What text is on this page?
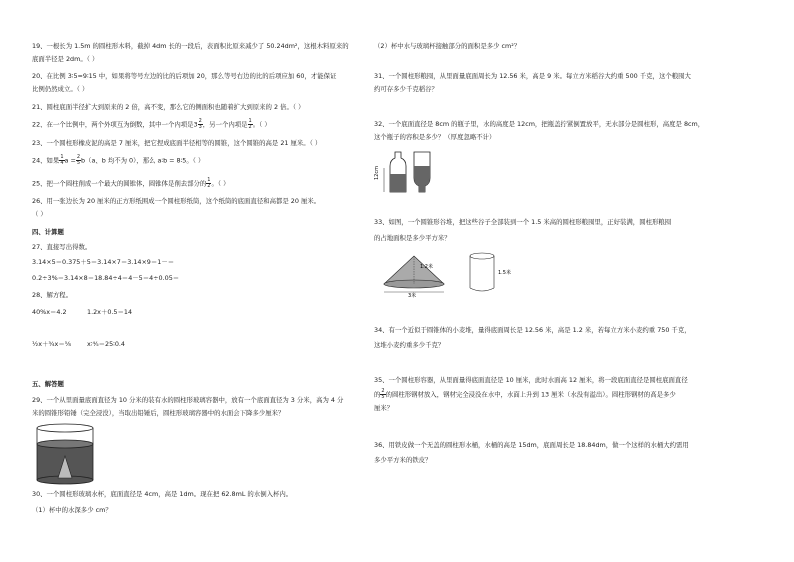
19、一根长为 1.5m 的圆柱形木料，截掉 4dm 长的一段后，表面积比原来减少了 50.24dm²，这根木料原来的
底面半径是 2dm。（ ）
20、在比例 3∶5=9∶15 中，如果将等号左边的比的后项加 20，那么等号右边的比的后项应加 60，才能保证
比例仍然成立。（ ）
21、圆柱底面半径扩大到原来的 2 倍，高不变，那么它的侧面积也随着扩大到原来的 2 倍。（ ）
22、在一个比例中，两个外项互为倒数，其中一个内项是$3 \frac{2}{3}$ ，另一个内项是 $\frac{1}{2}$ 。（ ）
23、一个圆柱形橡皮泥的高是 7 厘米，把它捏成底面半径相等的圆锥，这个圆锥的高是 21 厘米。（ ）
24、如果 $\frac{1}{4}$ $a = \frac{2}{5} b(a$、b 均不为 0），那么 a∶b = 8∶5。（ ）
25、把一个圆柱削成一个最大的圆锥体，圆锥体是削去部分的 $\frac{1}{2}$ 。（ ）
26、用一张边长为 20 厘米的正方形纸围成一个圆柱形纸筒，这个纸筒的底面直径和高都是 20 厘米。
（ ）
四、计算题
27、直接写出得数。
3.14×5＝0.375＋5＝3.14×7＝3.14×9＝1－＝
0.2÷3%＝3.14×8＝18.84÷4＝4－5＝4÷0.05＝
28、解方程。
40%x＝4.2	1.2x＋0.5＝14
½x＋¾x＝⅝	x∶⅘＝25∶0.4
五、解答题
29、一个从里面量底面直径为 10 分米的装有水的圆柱形玻璃容器中，放有一个底面直径为 3 分米，高为 4 分
米的圆锥形铅锤（完全浸没），当取出铅锤后，圆柱形玻璃容器中的水面会下降多少厘米？
30、一个圆柱形玻璃水杯，底面直径是 4cm，高是 1dm。现在把 62.8mL 的水倒入杯内。
（1）杯中的水深多少 cm？
（2）杯中水与玻璃杯接触部分的面积是多少 cm²？
31、一个圆柱形粮囤，从里面量底面周长为 12.56 米，高是 9 米。每立方米稻谷大约重 500 千克，这个粮囤大
约可存多少千克稻谷？
32、一个底面直径是 8cm 的瓶子里，水的高度是 12cm，把瓶盖拧紧倒置放平，无水部分是圆柱形，高度是 8cm，
这个瓶子的容积是多少？（厚度忽略不计）
12cm
33、如图，一个圆锥形谷堆，把这些谷子全部装到一个 1.5 米高的圆柱形粮囤里，正好装满，圆柱形粮囤
的占地面积是多少平方米？
1.2米
3米
1.5米
34、有一个近似于圆锥体的小麦堆，量得底面周长是 12.56 米，高是 1.2 米，若每立方米小麦约重 750 千克，
这堆小麦约重多少千克？
35、一个圆柱形容器，从里面量得底面直径是 10 厘米，此时水面高 12 厘米，将一段底面直径是圆柱底面直径
的 $\frac{2}{5}$ 的圆柱形钢材放入，钢材完全浸没在水中，水面上升到 13 厘米（水没有溢出）。圆柱形钢材的高是多少
厘米？
36、用铁皮做一个无盖的圆柱形水桶，水桶的高是 15dm，底面周长是 18.84dm，做一个这样的水桶大约需用
多少平方米的铁皮？
